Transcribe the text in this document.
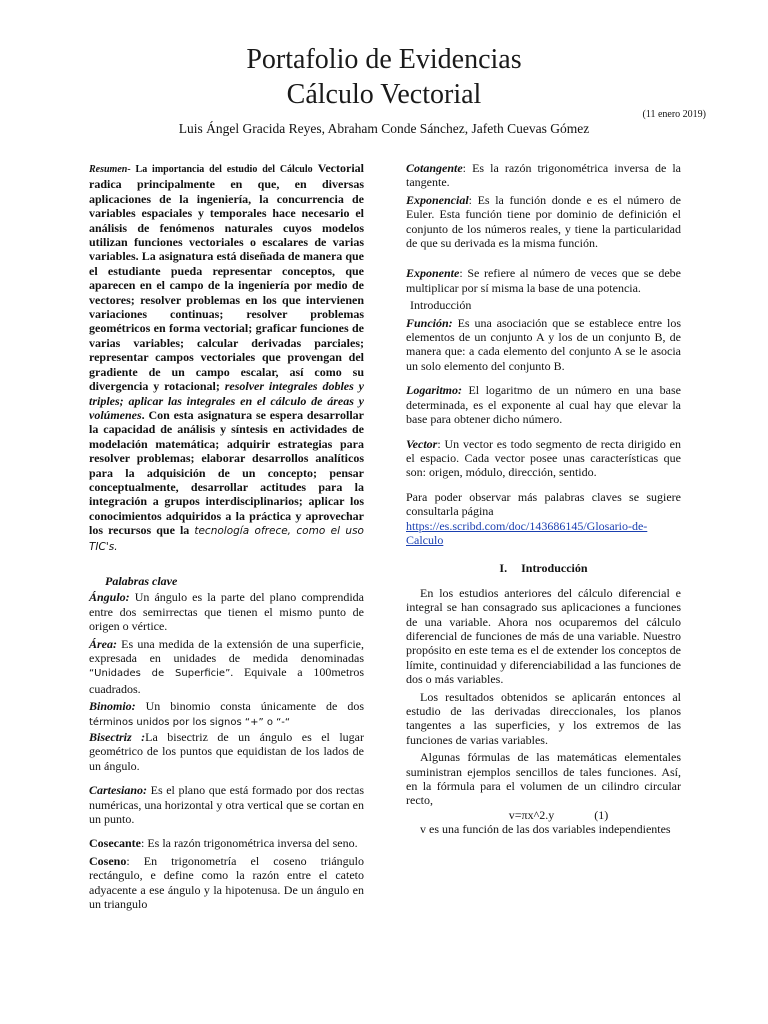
Portafolio de Evidencias
Cálculo Vectorial
(11 enero 2019)
Luis Ángel Gracida Reyes, Abraham Conde Sánchez, Jafeth Cuevas Gómez

Resumen- La importancia del estudio del Cálculo Vectorial radica principalmente en que, en diversas aplicaciones de la ingeniería, la concurrencia de variables espaciales y temporales hace necesario el análisis de fenómenos naturales cuyos modelos utilizan funciones vectoriales o escalares de varias variables. La asignatura está diseñada de manera que el estudiante pueda representar conceptos, que aparecen en el campo de la ingeniería por medio de vectores; resolver problemas en los que intervienen variaciones continuas; resolver problemas geométricos en forma vectorial; graficar funciones de varias variables; calcular derivadas parciales; representar campos vectoriales que provengan del gradiente de un campo escalar, así como su divergencia y rotacional; resolver integrales dobles y triples; aplicar las integrales en el cálculo de áreas y volúmenes. Con esta asignatura se espera desarrollar la capacidad de análisis y síntesis en actividades de modelación matemática; adquirir estrategias para resolver problemas; elaborar desarrollos analíticos para la adquisición de un concepto; pensar conceptualmente, desarrollar actitudes para la integración a grupos interdisciplinarios; aplicar los conocimientos adquiridos a la práctica y aprovechar los recursos que la tecnología ofrece, como el uso TIC's.

Palabras clave

Ángulo: Un ángulo es la parte del plano comprendida entre dos semirrectas que tienen el mismo punto de origen o vértice.

Área: Es una medida de la extensión de una superficie, expresada en unidades de medida denominadas “Unidades de Superficie”. Equivale a 100metros cuadrados.

Binomio: Un binomio consta únicamente de dos términos unidos por los signos “+” o “-“

Bisectriz :La bisectriz de un ángulo es el lugar geométrico de los puntos que equidistan de los lados de un ángulo.

Cartesiano: Es el plano que está formado por dos rectas numéricas, una horizontal y otra vertical que se cortan en un punto.

Cosecante: Es la razón trigonométrica inversa del seno.

Coseno: En trigonometría el coseno triángulo rectángulo, e define como la razón entre el cateto adyacente a ese ángulo y la hipotenusa. De un ángulo en un triangulo

Cotangente: Es la razón trigonométrica inversa de la tangente.

Exponencial: Es la función donde e es el número de Euler. Esta función tiene por dominio de definición el conjunto de los números reales, y tiene la particularidad de que su derivada es la misma función.

Exponente: Se refiere al número de veces que se debe multiplicar por sí misma la base de una potencia.

Introducción

Función: Es una asociación que se establece entre los elementos de un conjunto A y los de un conjunto B, de manera que: a cada elemento del conjunto A se le asocia un solo elemento del conjunto B.

Logaritmo: El logaritmo de un número en una base determinada, es el exponente al cual hay que elevar la base para obtener dicho número.

Vector: Un vector es todo segmento de recta dirigido en el espacio. Cada vector posee unas características que son: origen, módulo, dirección, sentido.

Para poder observar más palabras claves se sugiere consultarla página

https://es.scribd.com/doc/143686145/Glosario-de-Calculo

I. Introducción

En los estudios anteriores del cálculo diferencial e integral se han consagrado sus aplicaciones a funciones de una variable. Ahora nos ocuparemos del cálculo diferencial de funciones de más de una variable. Nuestro propósito en este tema es el de extender los conceptos de límite, continuidad y diferenciabilidad a las funciones de dos o más variables.

Los resultados obtenidos se aplicarán entonces al estudio de las derivadas direccionales, los planos tangentes a las superficies, y los extremos de las funciones de varias variables.

Algunas fórmulas de las matemáticas elementales suministran ejemplos sencillos de tales funciones. Así, en la fórmula para el volumen de un cilindro circular recto,

v=πx^2.y	(1)

v es una función de las dos variables independientes
